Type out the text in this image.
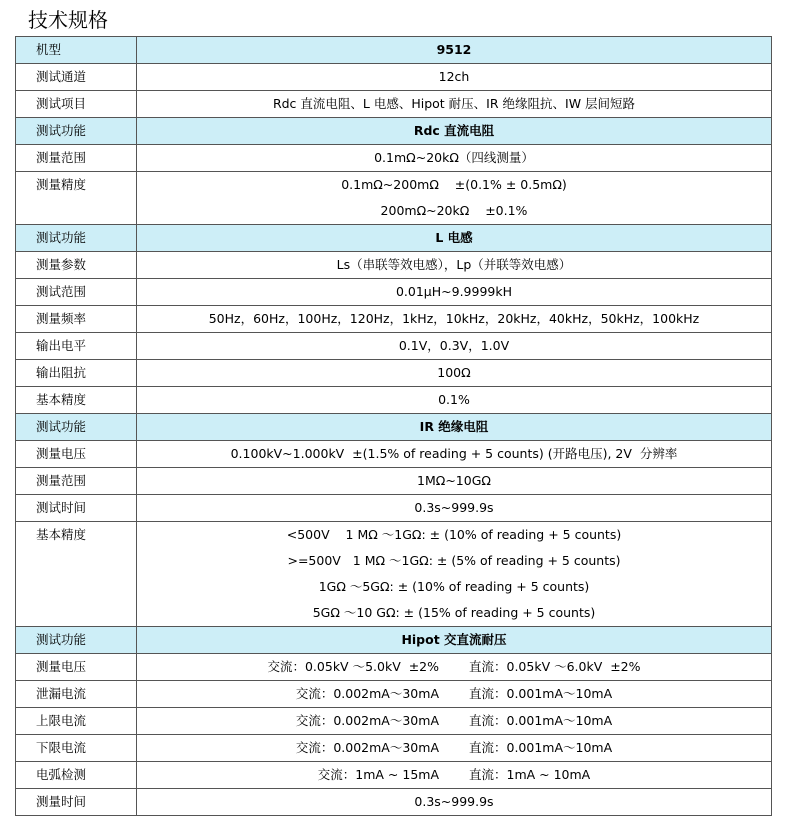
技术规格
机型	9512

测试通道	12ch

测试项目	Rdc 直流电阻、L 电感、Hipot 耐压、IR 绝缘阻抗、IW 层间短路

测试功能	Rdc 直流电阻

测量范围	0.1mΩ~20kΩ（四线测量）

测量精度	0.1mΩ~200mΩ    ±(0.1% ± 0.5mΩ)
200mΩ~20kΩ    ±0.1%

测试功能	L 电感

测量参数	Ls（串联等效电感），Lp（并联等效电感）

测试范围	0.01μH~9.9999kH

测量频率	50Hz，60Hz，100Hz，120Hz，1kHz，10kHz，20kHz，40kHz，50kHz，100kHz

输出电平	0.1V，0.3V，1.0V

输出阻抗	100Ω

基本精度	0.1%

测试功能	IR 绝缘电阻

测量电压	0.100kV~1.000kV  ±(1.5% of reading + 5 counts) (开路电压), 2V  分辨率

测量范围	1MΩ~10GΩ

测试时间	0.3s~999.9s

基本精度	<500V    1 MΩ ～1GΩ: ± (10% of reading + 5 counts)
>=500V   1 MΩ ～1GΩ: ± (5% of reading + 5 counts)
1GΩ ～5GΩ: ± (10% of reading + 5 counts)
5GΩ ～10 GΩ: ± (15% of reading + 5 counts)

测试功能	Hipot 交直流耐压

测量电压	交流：0.05kV ～5.0kV  ±2% 直流：0.05kV ～6.0kV  ±2%

泄漏电流	交流：0.002mA～30mA 直流：0.001mA～10mA

上限电流	交流：0.002mA～30mA 直流：0.001mA～10mA

下限电流	交流：0.002mA～30mA 直流：0.001mA～10mA

电弧检测	交流：1mA ~ 15mA 直流：1mA ~ 10mA

测量时间	0.3s~999.9s
